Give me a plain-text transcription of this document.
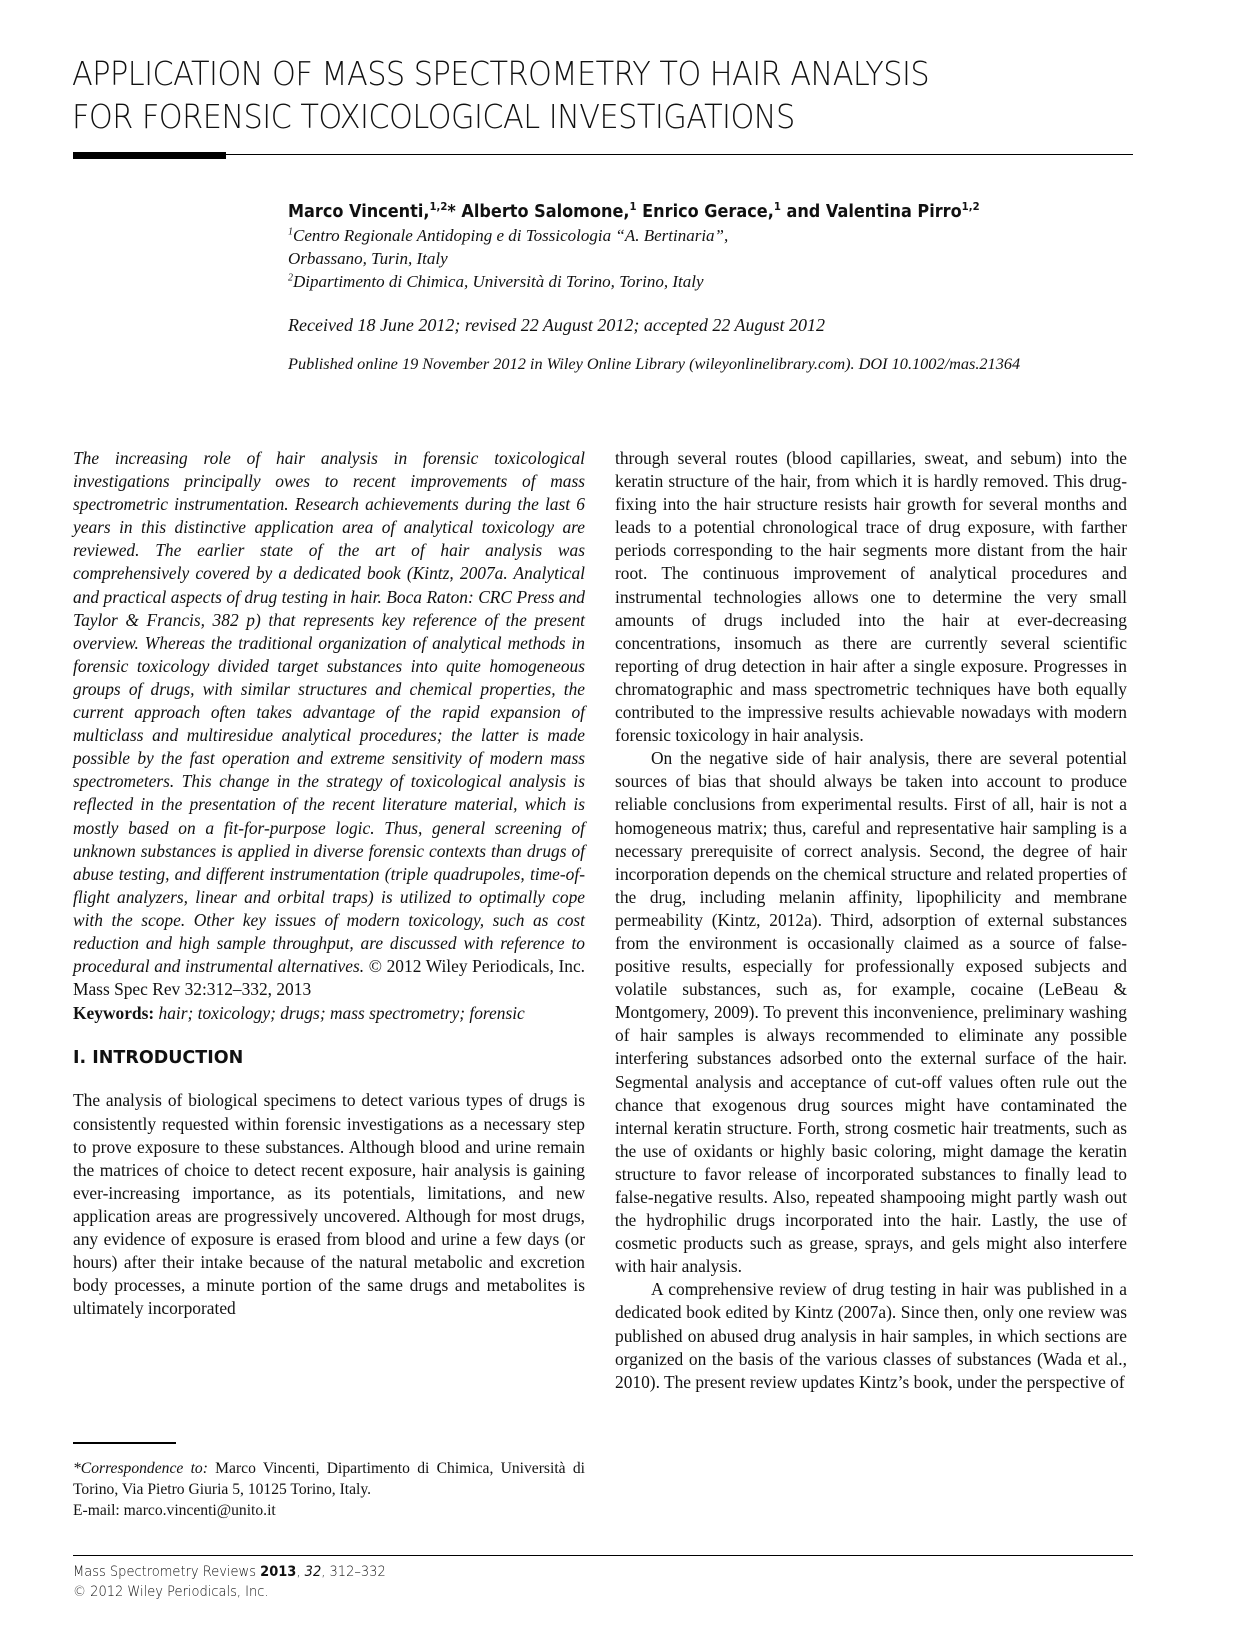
APPLICATION OF MASS SPECTROMETRY TO HAIR ANALYSIS
FOR FORENSIC TOXICOLOGICAL INVESTIGATIONS
Marco Vincenti,$^{1,2}$* Alberto Salomone,$^1$ Enrico Gerace,$^1$ and Valentina Pirro$^{1,2}$
$^1$Centro Regionale Antidoping e di Tossicologia “A. Bertinaria”,
Orbassano, Turin, Italy
$^2$Dipartimento di Chimica, Università di Torino, Torino, Italy
Received 18 June 2012; revised 22 August 2012; accepted 22 August 2012
Published online 19 November 2012 in Wiley Online Library (wileyonlinelibrary.com). DOI 10.1002/mas.21364

The increasing role of hair analysis in forensic toxicological investigations principally owes to recent improvements of mass spectrometric instrumentation. Research achievements during the last 6 years in this distinctive application area of analytical toxicology are reviewed. The earlier state of the art of hair analysis was comprehensively covered by a dedicated book (Kintz, 2007a. Analytical and practical aspects of drug testing in hair. Boca Raton: CRC Press and Taylor & Francis, 382 p) that represents key reference of the present overview. Whereas the traditional organization of analytical methods in forensic toxicology divided target substances into quite homogeneous groups of drugs, with similar structures and chemical properties, the current approach often takes advantage of the rapid expansion of multiclass and multiresidue analytical procedures; the latter is made possible by the fast operation and extreme sensitivity of modern mass spectrometers. This change in the strategy of toxicological analysis is reflected in the presentation of the recent literature material, which is mostly based on a fit-for-purpose logic. Thus, general screening of unknown substances is applied in diverse forensic contexts than drugs of abuse testing, and different instrumentation (triple quadrupoles, time-of-flight analyzers, linear and orbital traps) is utilized to optimally cope with the scope. Other key issues of modern toxicology, such as cost reduction and high sample throughput, are discussed with reference to procedural and instrumental alternatives. © 2012 Wiley Periodicals, Inc. Mass Spec Rev 32:312–332, 2013

Keywords: hair; toxicology; drugs; mass spectrometry; forensic

I. INTRODUCTION

The analysis of biological specimens to detect various types of drugs is consistently requested within forensic investigations as a necessary step to prove exposure to these substances. Although blood and urine remain the matrices of choice to detect recent exposure, hair analysis is gaining ever-increasing importance, as its potentials, limitations, and new application areas are progressively uncovered. Although for most drugs, any evidence of exposure is erased from blood and urine a few days (or hours) after their intake because of the natural metabolic and excretion body processes, a minute portion of the same drugs and metabolites is ultimately incorporated

through several routes (blood capillaries, sweat, and sebum) into the keratin structure of the hair, from which it is hardly removed. This drug-fixing into the hair structure resists hair growth for several months and leads to a potential chronological trace of drug exposure, with farther periods corresponding to the hair segments more distant from the hair root. The continuous improvement of analytical procedures and instrumental technologies allows one to determine the very small amounts of drugs included into the hair at ever-decreasing concentrations, insomuch as there are currently several scientific reporting of drug detection in hair after a single exposure. Progresses in chromatographic and mass spectrometric techniques have both equally contributed to the impressive results achievable nowadays with modern forensic toxicology in hair analysis.

On the negative side of hair analysis, there are several potential sources of bias that should always be taken into account to produce reliable conclusions from experimental results. First of all, hair is not a homogeneous matrix; thus, careful and representative hair sampling is a necessary prerequisite of correct analysis. Second, the degree of hair incorporation depends on the chemical structure and related properties of the drug, including melanin affinity, lipophilicity and membrane permeability (Kintz, 2012a). Third, adsorption of external substances from the environment is occasionally claimed as a source of false-positive results, especially for professionally exposed subjects and volatile substances, such as, for example, cocaine (LeBeau & Montgomery, 2009). To prevent this inconvenience, preliminary washing of hair samples is always recommended to eliminate any possible interfering substances adsorbed onto the external surface of the hair. Segmental analysis and acceptance of cut-off values often rule out the chance that exogenous drug sources might have contaminated the internal keratin structure. Forth, strong cosmetic hair treatments, such as the use of oxidants or highly basic coloring, might damage the keratin structure to favor release of incorporated substances to finally lead to false-negative results. Also, repeated shampooing might partly wash out the hydrophilic drugs incorporated into the hair. Lastly, the use of cosmetic products such as grease, sprays, and gels might also interfere with hair analysis.

A comprehensive review of drug testing in hair was published in a dedicated book edited by Kintz (2007a). Since then, only one review was published on abused drug analysis in hair samples, in which sections are organized on the basis of the various classes of substances (Wada et al., 2010). The present review updates Kintz’s book, under the perspective of

*Correspondence to: Marco Vincenti, Dipartimento di Chimica, Università di Torino, Via Pietro Giuria 5, 10125 Torino, Italy.

E-mail: marco.vincenti@unito.it

Mass Spectrometry Reviews 2013, 32, 312–332
© 2012 Wiley Periodicals, Inc.
